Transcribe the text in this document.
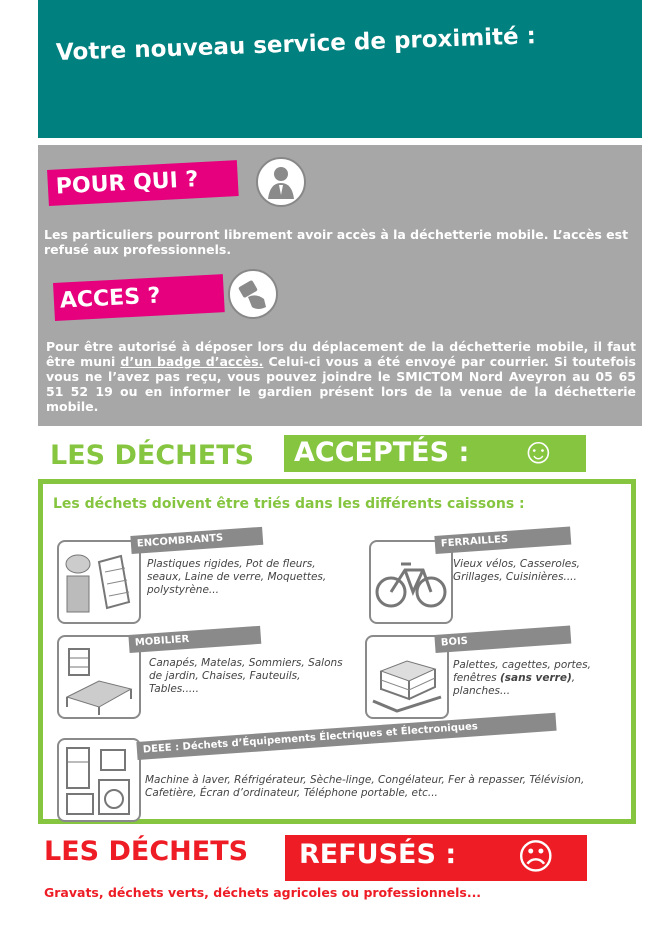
Votre nouveau service de proximité :
POUR QUI ?

Les particuliers pourront librement avoir accès à la déchetterie mobile. L’accès est refusé aux professionnels.

ACCES ?

Pour être autorisé à déposer lors du déplacement de la déchetterie mobile, il faut être muni d’un badge d’accès. Celui-ci vous a été envoyé par courrier. Si toutefois vous ne l’avez pas reçu, vous pouvez joindre le SMICTOM Nord Aveyron au 05 65 51 52 19 ou en informer le gardien présent lors de la venue de la déchetterie mobile.

LES DÉCHETS ACCEPTÉS : ☺
Les déchets doivent être triés dans les différents caissons :
ENCOMBRANTS

Plastiques rigides, Pot de fleurs, seaux, Laine de verre, Moquettes, polystyrène...

FERRAILLES

Vieux vélos, Casseroles, Grillages, Cuisinières....

MOBILIER

Canapés, Matelas, Sommiers, Salons de jardin, Chaises, Fauteuils, Tables.....

BOIS

Palettes, cagettes, portes, fenêtres (sans verre), planches...

DEEE : Déchets d’Équipements Électriques et Électroniques

Machine à laver, Réfrigérateur, Sèche-linge, Congélateur, Fer à repasser, Télévision, Cafetière, Écran d’ordinateur, Téléphone portable, etc...

LES DÉCHETS REFUSÉS : ☹
Gravats, déchets verts, déchets agricoles ou professionnels...
